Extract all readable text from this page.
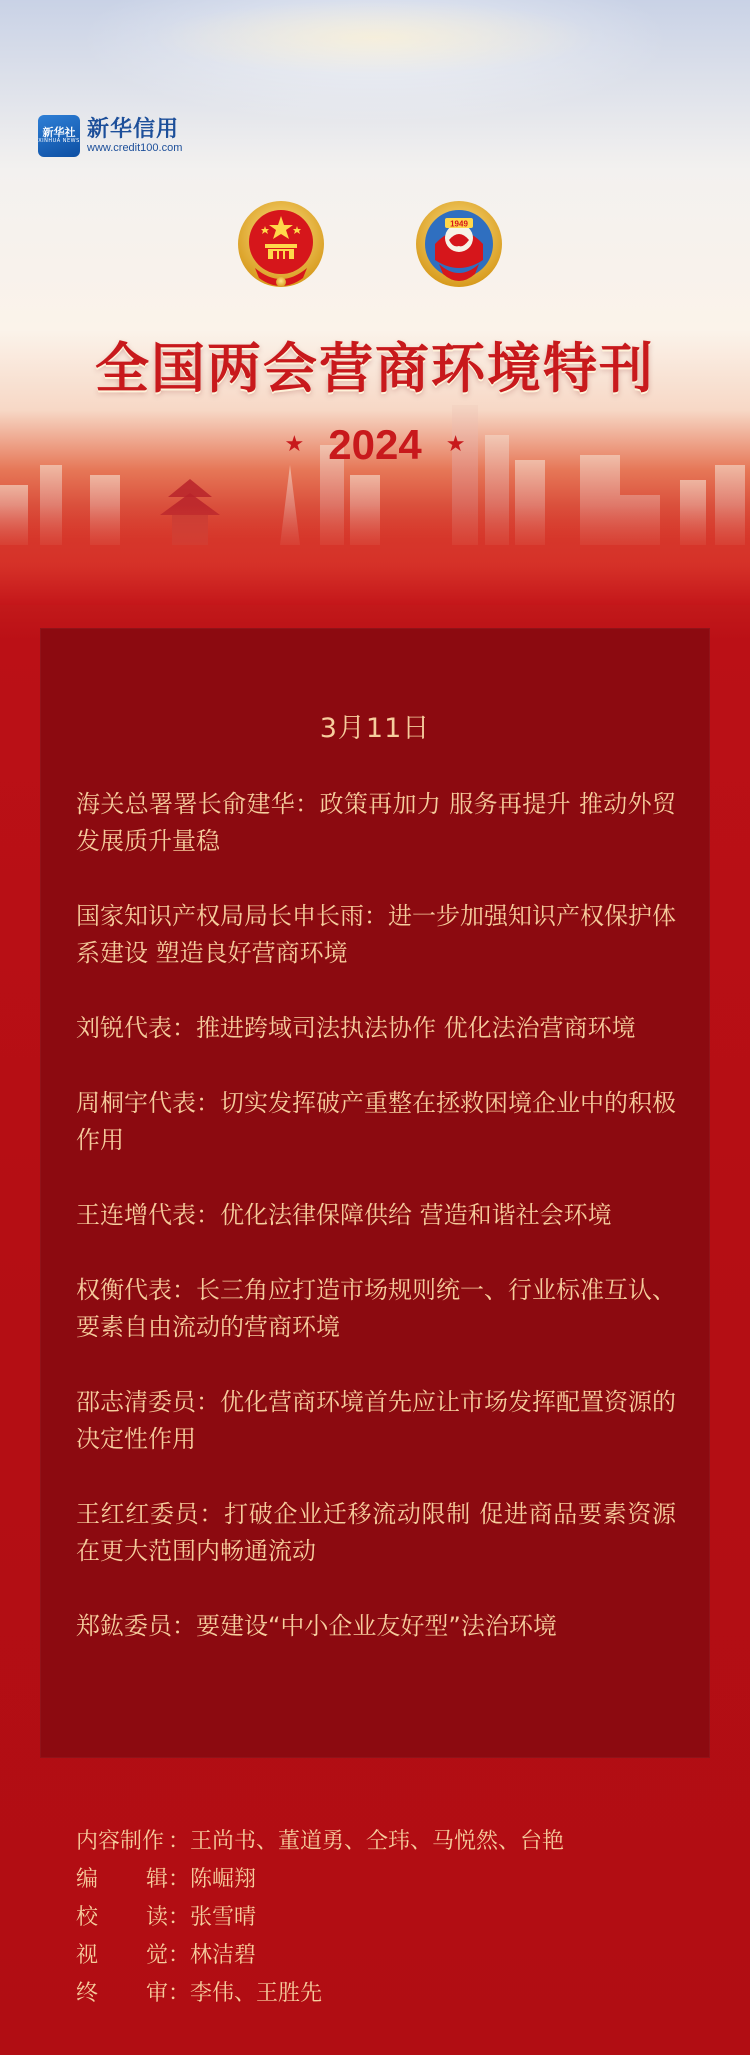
新华社
XINHUA NEWS 新华信用
www.credit100.com
1949
全国两会营商环境特刊
★ 2024 ★
3月11日
海关总署署长俞建华：政策再加力 服务再提升 推动外贸发展质升量稳
国家知识产权局局长申长雨：进一步加强知识产权保护体系建设 塑造良好营商环境
刘锐代表：推进跨域司法执法协作 优化法治营商环境
周桐宇代表：切实发挥破产重整在拯救困境企业中的积极作用
王连增代表：优化法律保障供给 营造和谐社会环境
权衡代表：长三角应打造市场规则统一、行业标准互认、要素自由流动的营商环境
邵志清委员：优化营商环境首先应让市场发挥配置资源的决定性作用
王红红委员：打破企业迁移流动限制 促进商品要素资源在更大范围内畅通流动
郑鈜委员：要建设“中小企业友好型”法治环境
内容制作 ： 王尚书、董道勇、仝玮、马悦然、台艳
编
　　 辑 ： 陈崛翔
校
　　 读 ： 张雪晴
视
　　 觉 ： 林洁碧
终
　　 审 ： 李伟、王胜先
